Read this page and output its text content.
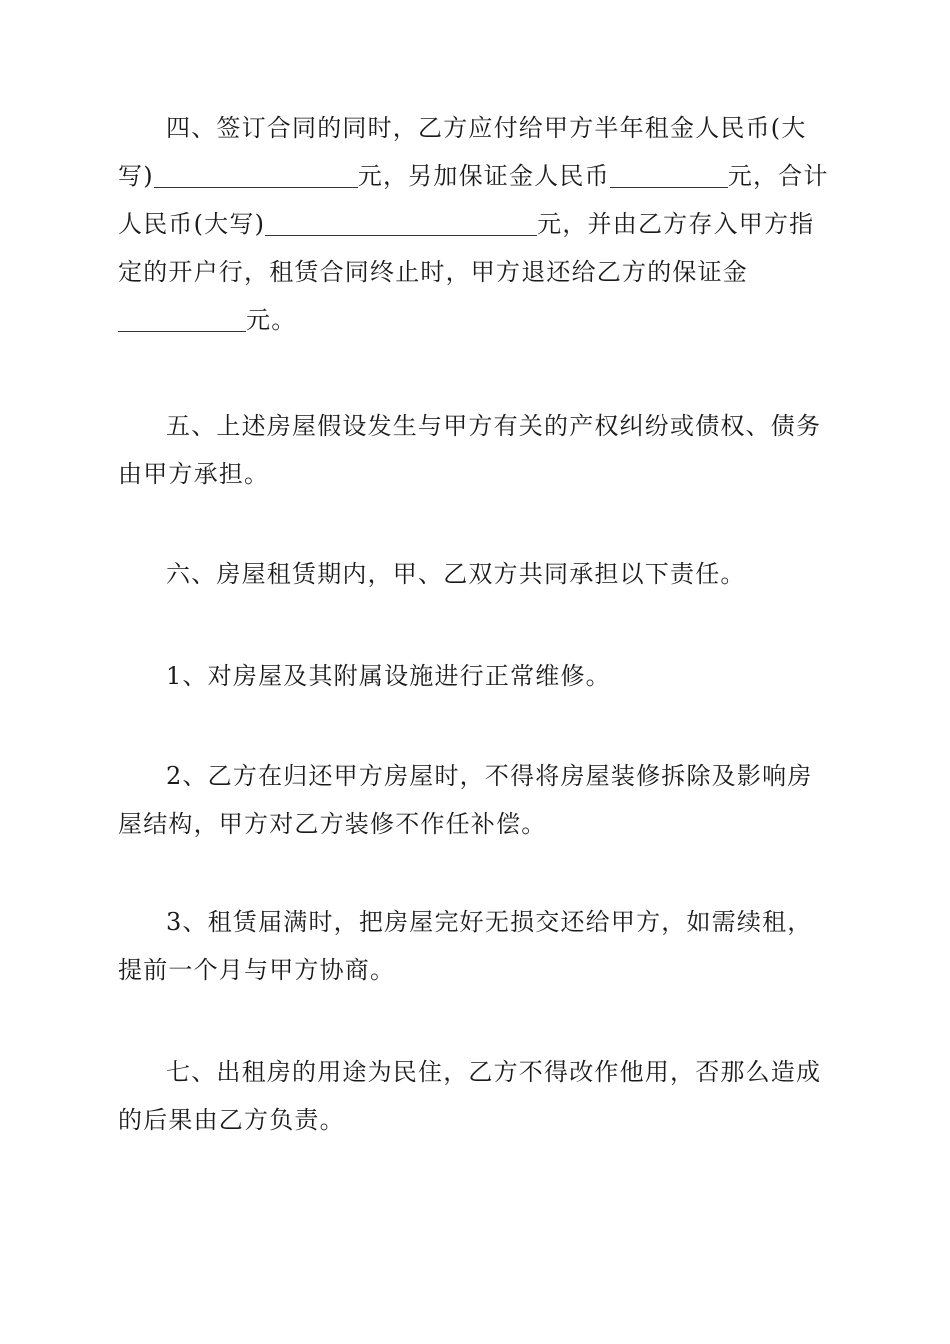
四、签订合同的同时，乙方应付给甲方半年租金人民币(大写)	元，另加保证金人民币	元，合计人民币(大写)	元，并由乙方存入甲方指定的开户行，租赁合同终止时，甲方退还给乙方的保证金元。

五、上述房屋假设发生与甲方有关的产权纠纷或债权、债务由甲方承担。

六、房屋租赁期内，甲、乙双方共同承担以下责任。

1、对房屋及其附属设施进行正常维修。

2、乙方在归还甲方房屋时，不得将房屋装修拆除及影响房屋结构，甲方对乙方装修不作任补偿。

3、租赁届满时，把房屋完好无损交还给甲方，如需续租，提前一个月与甲方协商。

七、出租房的用途为民住，乙方不得改作他用，否那么造成的后果由乙方负责。
